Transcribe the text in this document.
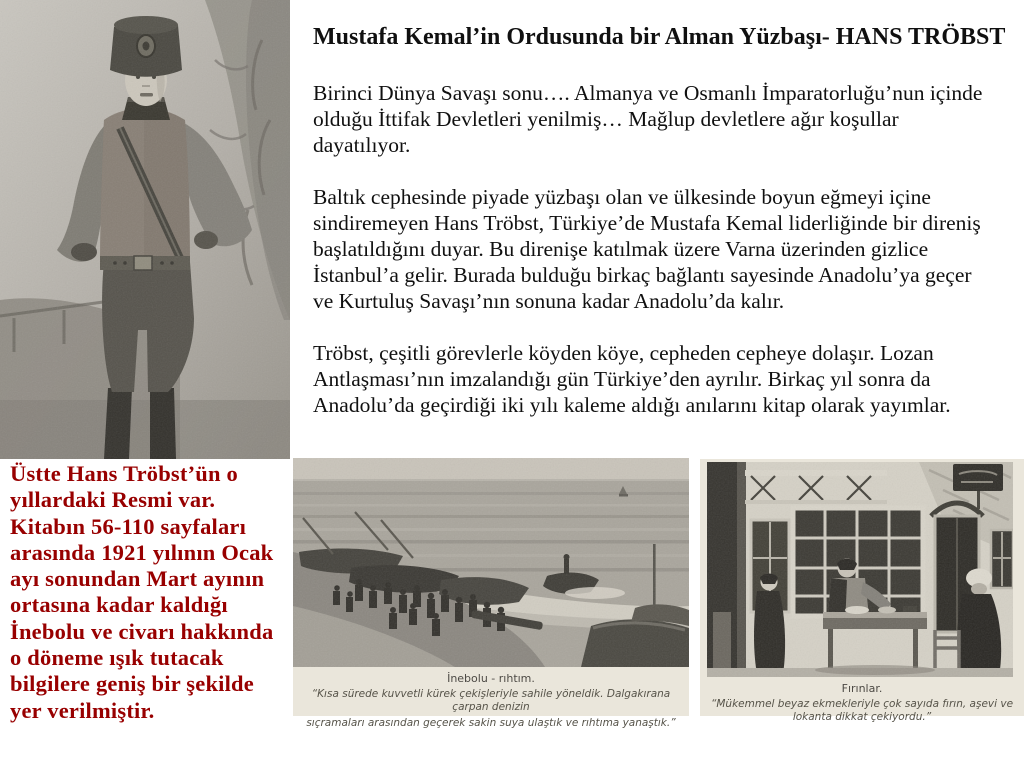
Mustafa Kemal’in Ordusunda bir Alman Yüzbaşı- HANS TRÖBST
Birinci Dünya Savaşı sonu…. Almanya ve Osmanlı İmparatorluğu’nun içinde
olduğu İttifak Devletleri yenilmiş… Mağlup devletlere ağır koşullar
dayatılıyor.
Baltık cephesinde piyade yüzbaşı olan ve ülkesinde boyun eğmeyi içine
sindiremeyen Hans Tröbst, Türkiye’de Mustafa Kemal liderliğinde bir direniş
başlatıldığını duyar. Bu direnişe katılmak üzere Varna üzerinden gizlice
İstanbul’a gelir. Burada bulduğu birkaç bağlantı sayesinde Anadolu’ya geçer
ve Kurtuluş Savaşı’nın sonuna kadar Anadolu’da kalır.
Tröbst, çeşitli görevlerle köyden köye, cepheden cepheye dolaşır. Lozan
Antlaşması’nın imzalandığı gün Türkiye’den ayrılır. Birkaç yıl sonra da
Anadolu’da geçirdiği iki yılı kaleme aldığı anılarını kitap olarak yayımlar.
Üstte Hans Tröbst’ün o
yıllardaki Resmi var.
Kitabın 56-110 sayfaları
arasında 1921 yılının Ocak
ayı sonundan Mart ayının
ortasına kadar kaldığı
İnebolu ve civarı hakkında
o döneme ışık tutacak
bilgilere geniş bir şekilde
yer verilmiştir.
İnebolu - rıhtım.
“Kısa sürede kuvvetli kürek çekişleriyle sahile yöneldik. Dalgakırana çarpan denizin
sıçramaları arasından geçerek sakin suya ulaştık ve rıhtıma yanaştık.”
Fırınlar.
“Mükemmel beyaz ekmekleriyle çok sayıda fırın, aşevi ve lokanta dikkat çekiyordu.”
